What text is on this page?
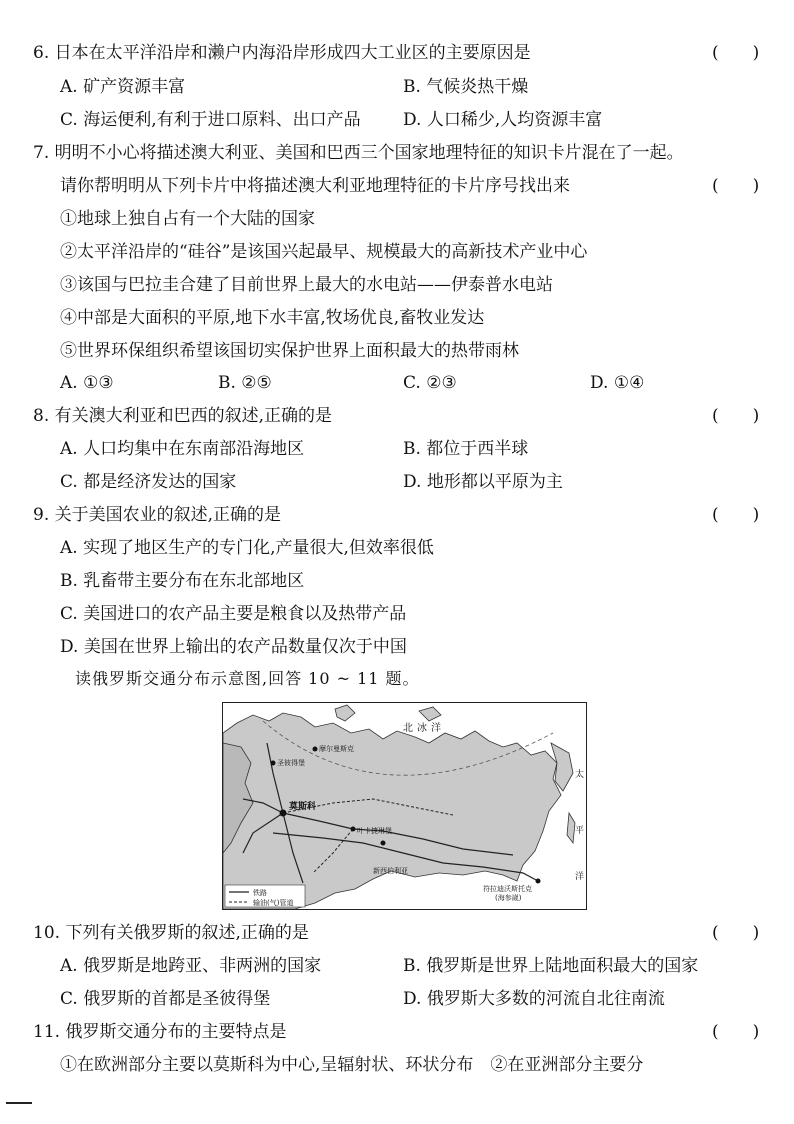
6. 日本在太平洋沿岸和濑户内海沿岸形成四大工业区的主要原因是	(　　)
A. 矿产资源丰富	B. 气候炎热干燥
C. 海运便利,有利于进口原料、出口产品 D. 人口稀少,人均资源丰富
7. 明明不小心将描述澳大利亚、美国和巴西三个国家地理特征的知识卡片混在了一起。
请你帮明明从下列卡片中将描述澳大利亚地理特征的卡片序号找出来	(　　)
①地球上独自占有一个大陆的国家
②太平洋沿岸的“硅谷”是该国兴起最早、规模最大的高新技术产业中心
③该国与巴拉圭合建了目前世界上最大的水电站——伊泰普水电站
④中部是大面积的平原,地下水丰富,牧场优良,畜牧业发达
⑤世界环保组织希望该国切实保护世界上面积最大的热带雨林
A. ①③	B. ②⑤	C. ②③	D. ①④
8. 有关澳大利亚和巴西的叙述,正确的是	(　　)
A. 人口均集中在东南部沿海地区	B. 都位于西半球
C. 都是经济发达的国家	D. 地形都以平原为主
9. 关于美国农业的叙述,正确的是	(　　)
A. 实现了地区生产的专门化,产量很大,但效率很低
B. 乳畜带主要分布在东北部地区
C. 美国进口的农产品主要是粮食以及热带产品
D. 美国在世界上输出的农产品数量仅次于中国
读俄罗斯交通分布示意图,回答 10 ~ 11 题。
摩尔曼斯克
圣彼得堡
莫斯科
叶卡捷琳堡
新西伯利亚
符拉迪沃斯托克
(海参崴)
北冰洋
太
平
洋
铁路
输油(气)管道
10. 下列有关俄罗斯的叙述,正确的是	(　　)
A. 俄罗斯是地跨亚、非两洲的国家	B. 俄罗斯是世界上陆地面积最大的国家
C. 俄罗斯的首都是圣彼得堡	D. 俄罗斯大多数的河流自北往南流
11. 俄罗斯交通分布的主要特点是	(　　)
①在欧洲部分主要以莫斯科为中心,呈辐射状、环状分布　②在亚洲部分主要分
